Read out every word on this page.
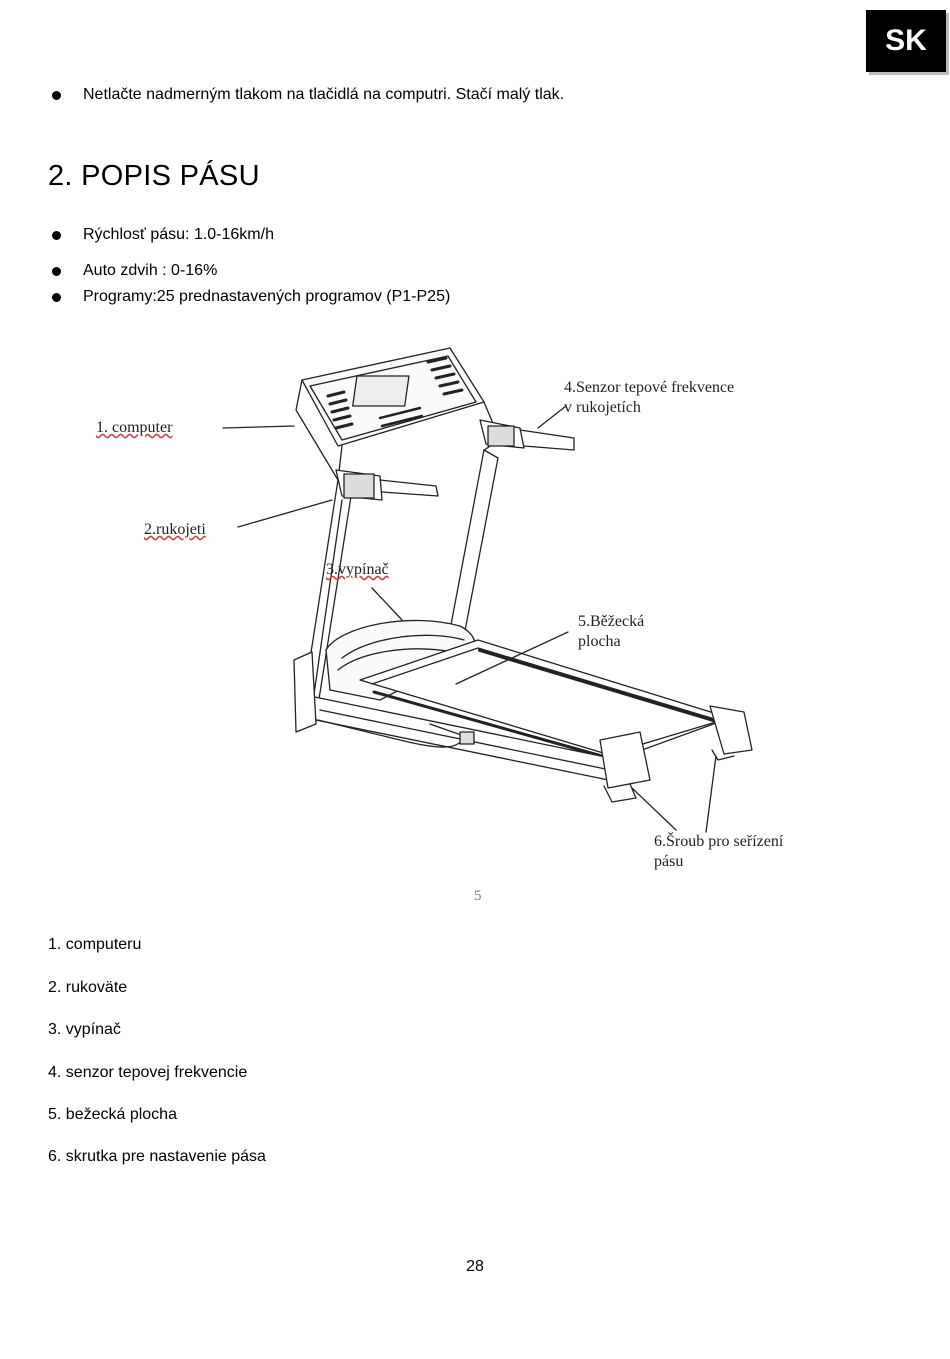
SK
Netlačte nadmerným tlakom na tlačidlá na computri. Stačí malý tlak.
2. POPIS PÁSU
Rýchlosť pásu: 1.0-16km/h
Auto zdvih : 0-16%
Programy:25 prednastavených programov (P1-P25)
1. computer
2.rukojeti
3.vypínač
4.Senzor tepové frekvence
v rukojetích
5.Běžecká
plocha
6.Šroub pro seřízení
pásu
5
1. computeru
2. rukoväte
3. vypínač
4. senzor tepovej frekvencie
5. bežecká plocha
6. skrutka pre nastavenie pása
28
